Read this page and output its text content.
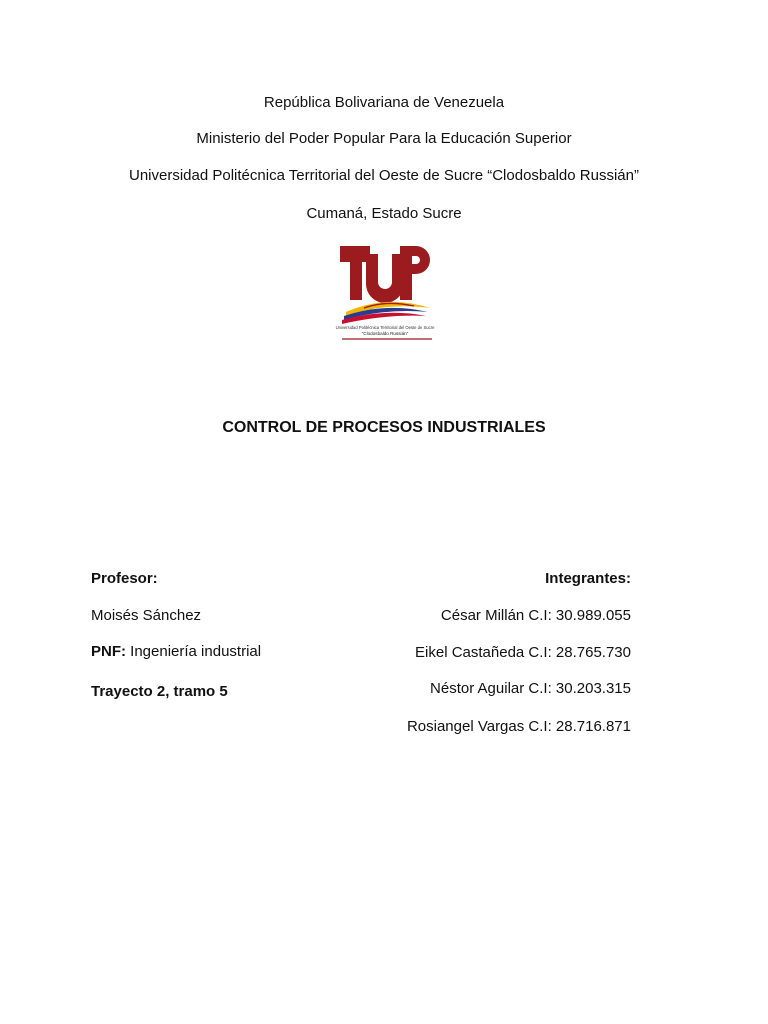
República Bolivariana de Venezuela
Ministerio del Poder Popular Para la Educación Superior
Universidad Politécnica Territorial del Oeste de Sucre “Clodosbaldo Russián”
Cumaná, Estado Sucre
Universidad Politécnica Territorial del Oeste de Sucre
“Clodosbaldo Russián”
CONTROL DE PROCESOS INDUSTRIALES
Profesor:
Moisés Sánchez
PNF: Ingeniería industrial
Trayecto 2, tramo 5
Integrantes:
César Millán C.I: 30.989.055
Eikel Castañeda C.I: 28.765.730
Néstor Aguilar C.I: 30.203.315
Rosiangel Vargas C.I: 28.716.871
